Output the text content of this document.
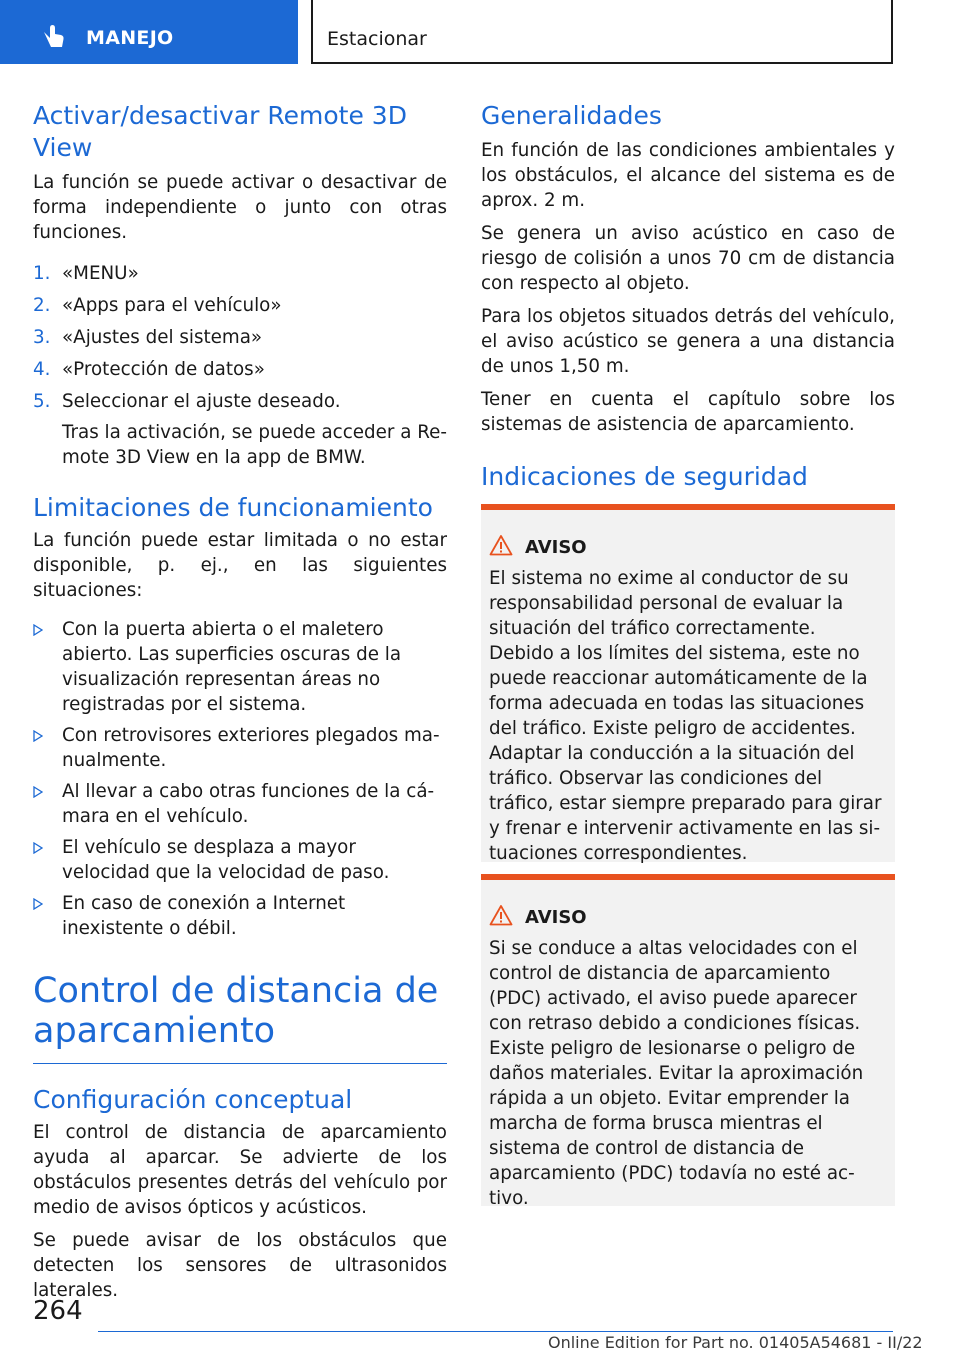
MANEJO	Estacionar
Activar/desactivar Remote 3D View

La función se puede activar o desactivar de forma independiente o junto con otras funciones.

1. «MENU»
2. «Apps para el vehículo»
3. «Ajustes del sistema»
4. «Protección de datos»
5. Seleccionar el ajuste deseado.

Tras la activación, se puede acceder a Remote 3D View en la app de BMW.

Limitaciones de funcionamiento

La función puede estar limitada o no estar disponible, p. ej., en las siguientes situaciones:

Con la puerta abierta o el maletero abierto. Las superficies oscuras de la visualización representan áreas no registradas por el sistema.
Con retrovisores exteriores plegados manualmente.
Al llevar a cabo otras funciones de la cámara en el vehículo.
El vehículo se desplaza a mayor velocidad que la velocidad de paso.
En caso de conexión a Internet inexistente o débil.
Control de distancia de aparcamiento
Configuración conceptual

El control de distancia de aparcamiento ayuda al aparcar. Se advierte de los obstáculos presentes detrás del vehículo por medio de avisos ópticos y acústicos.

Se puede avisar de los obstáculos que detecten los sensores de ultrasonidos laterales.

Generalidades

En función de las condiciones ambientales y los obstáculos, el alcance del sistema es de aprox. 2 m.

Se genera un aviso acústico en caso de riesgo de colisión a unos 70 cm de distancia con respecto al objeto.

Para los objetos situados detrás del vehículo, el aviso acústico se genera a una distancia de unos 1,50 m.

Tener en cuenta el capítulo sobre los sistemas de asistencia de aparcamiento.

Indicaciones de seguridad
AVISO
El sistema no exime al conductor de su responsabilidad personal de evaluar la situación del tráfico correctamente. Debido a los límites del sistema, este no puede reaccionar automáticamente de la forma adecuada en todas las situaciones del tráfico. Existe peligro de accidentes. Adaptar la conducción a la situación del tráfico. Observar las condiciones del tráfico, estar siempre preparado para girar y frenar e intervenir activamente en las situaciones correspondientes.
AVISO
Si se conduce a altas velocidades con el control de distancia de aparcamiento (PDC) activado, el aviso puede aparecer con retraso debido a condiciones físicas. Existe peligro de lesionarse o peligro de daños materiales. Evitar la aproximación rápida a un objeto. Evitar emprender la marcha de forma brusca mientras el sistema de control de distancia de aparcamiento (PDC) todavía no esté activo.
264
Online Edition for Part no. 01405A54681 - II/22
